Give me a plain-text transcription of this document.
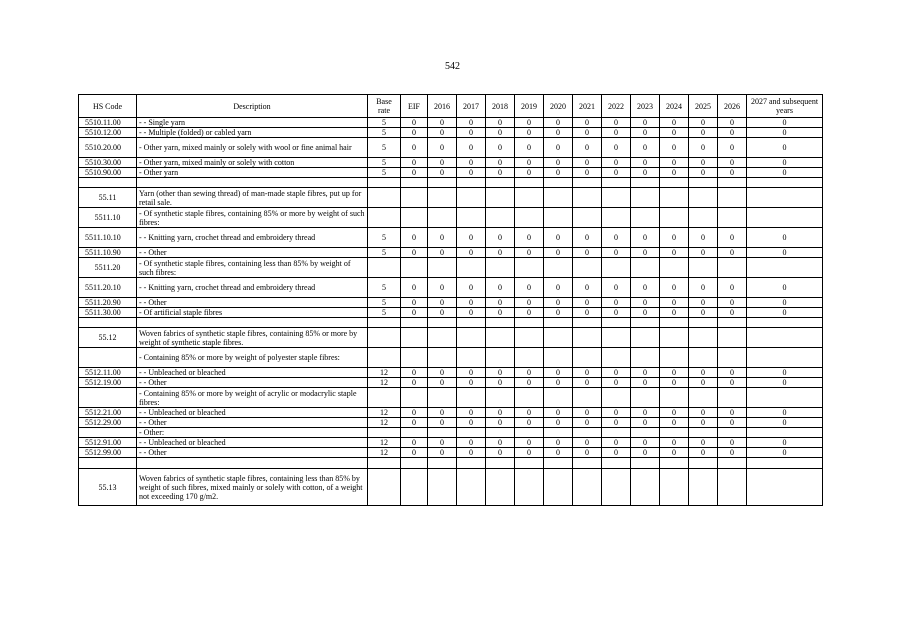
542
HS Code	Description	Base rate	EIF	2016	2017	2018	2019	2020	2021	2022	2023	2024	2025	2026	2027 and subsequent years
5510.11.00	- - Single yarn	5	0	0	0	0	0	0	0	0	0	0	0	0	0
5510.12.00	- - Multiple (folded) or cabled yarn	5	0	0	0	0	0	0	0	0	0	0	0	0	0
5510.20.00	- Other yarn, mixed mainly or solely with wool or fine animal hair	5	0	0	0	0	0	0	0	0	0	0	0	0	0
5510.30.00	- Other yarn, mixed mainly or solely with cotton	5	0	0	0	0	0	0	0	0	0	0	0	0	0
5510.90.00	- Other yarn	5	0	0	0	0	0	0	0	0	0	0	0	0	0

55.11	Yarn (other than sewing thread) of man-made staple fibres, put up for retail sale.														
5511.10	- Of synthetic staple fibres, containing 85% or more by weight of such fibres:														
5511.10.10	- - Knitting yarn, crochet thread and embroidery thread	5	0	0	0	0	0	0	0	0	0	0	0	0	0
5511.10.90	- - Other	5	0	0	0	0	0	0	0	0	0	0	0	0	0
5511.20	- Of synthetic staple fibres, containing less than 85% by weight of such fibres:														
5511.20.10	- - Knitting yarn, crochet thread and embroidery thread	5	0	0	0	0	0	0	0	0	0	0	0	0	0
5511.20.90	- - Other	5	0	0	0	0	0	0	0	0	0	0	0	0	0
5511.30.00	- Of artificial staple fibres	5	0	0	0	0	0	0	0	0	0	0	0	0	0

55.12	Woven fabrics of synthetic staple fibres, containing 85% or more by weight of synthetic staple fibres.														
	- Containing 85% or more by weight of polyester staple fibres:														
5512.11.00	- - Unbleached or bleached	12	0	0	0	0	0	0	0	0	0	0	0	0	0
5512.19.00	- - Other	12	0	0	0	0	0	0	0	0	0	0	0	0	0
	- Containing 85% or more by weight of acrylic or modacrylic staple fibres:														
5512.21.00	- - Unbleached or bleached	12	0	0	0	0	0	0	0	0	0	0	0	0	0
5512.29.00	- - Other	12	0	0	0	0	0	0	0	0	0	0	0	0	0
	- Other:														
5512.91.00	- - Unbleached or bleached	12	0	0	0	0	0	0	0	0	0	0	0	0	0
5512.99.00	- - Other	12	0	0	0	0	0	0	0	0	0	0	0	0	0

55.13	Woven fabrics of synthetic staple fibres, containing less than 85% by weight of such fibres, mixed mainly or solely with cotton, of a weight not exceeding 170 g/m2.														
